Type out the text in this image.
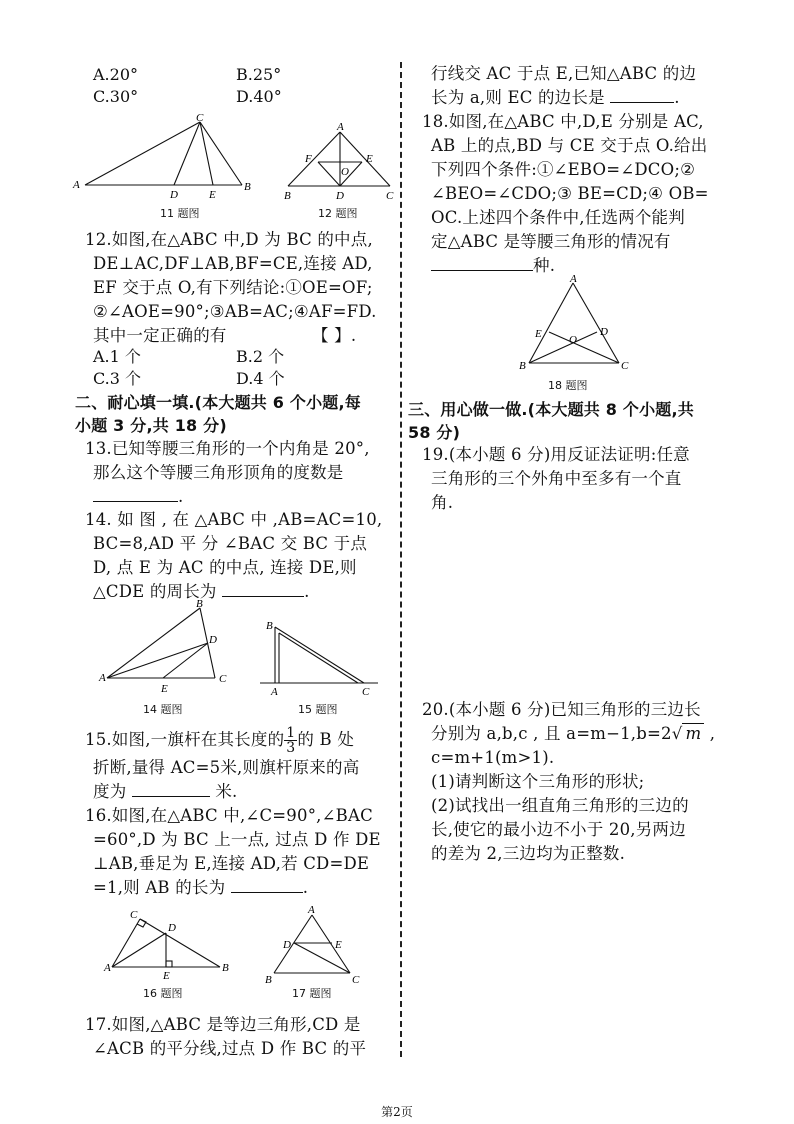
A.20°	B.25°
C.30°	D.40°
A
C
D	E
B
11 题图
A
F	E
O
B	D	C
12 题图
12.如图,在△ABC 中,D 为 BC 的中点,
DE⊥AC,DF⊥AB,BF=CE,连接 AD,
EF 交于点 O,有下列结论:①OE=OF;
②∠AOE=90°;③AB=AC;④AF=FD.
其中一定正确的有	【 】.
A.1 个	B.2 个
C.3 个	D.4 个
二、耐心填一填.(本大题共 6 个小题,每
小题 3 分,共 18 分)
13.已知等腰三角形的一个内角是 20°,
那么这个等腰三角形顶角的度数是
.
14. 如 图 , 在 △ABC 中 ,AB=AC=10,
BC=8,AD 平 分 ∠BAC 交 BC 于点
D, 点 E 为 AC 的中点, 连接 DE,则
△CDE 的周长为	.
A
B
D
C
E
14 题图
B
A	C
15 题图
15.如图,一旗杆在其长度的 $\frac{1}{3}$ 的 B 处
折断,量得 AC=5米,则旗杆原来的高
度为	米.
16.如图,在△ABC 中,∠C=90°,∠BAC
=60°,D 为 BC 上一点, 过点 D 作 DE
⊥AB,垂足为 E,连接 AD,若 CD=DE
=1,则 AB 的长为	.
A
C
D
E
B
16 题图
A
D	E
B	C
17 题图
17.如图,△ABC 是等边三角形,CD 是
∠ACB 的平分线,过点 D 作 BC 的平
行线交 AC 于点 E,已知△ABC 的边
长为 a,则 EC 的边长是	.
18.如图,在△ABC 中,D,E 分别是 AC,
AB 上的点,BD 与 CE 交于点 O.给出
下列四个条件:①∠EBO=∠DCO;②
∠BEO=∠CDO;③ BE=CD;④ OB=
OC.上述四个条件中,任选两个能判
定△ABC 是等腰三角形的情况有
种.
A
E	D
O
B	C
18 题图
三、用心做一做.(本大题共 8 个小题,共
58 分)
19.(本小题 6 分)用反证法证明:任意
三角形的三个外角中至多有一个直
角.
20.(本小题 6 分)已知三角形的三边长
分别为 a,b,c , 且 a=m−1,b=2√ m ,
c=m+1(m>1).
(1)请判断这个三角形的形状;
(2)试找出一组直角三角形的三边的
长,使它的最小边不小于 20,另两边
的差为 2,三边均为正整数.
第2页
